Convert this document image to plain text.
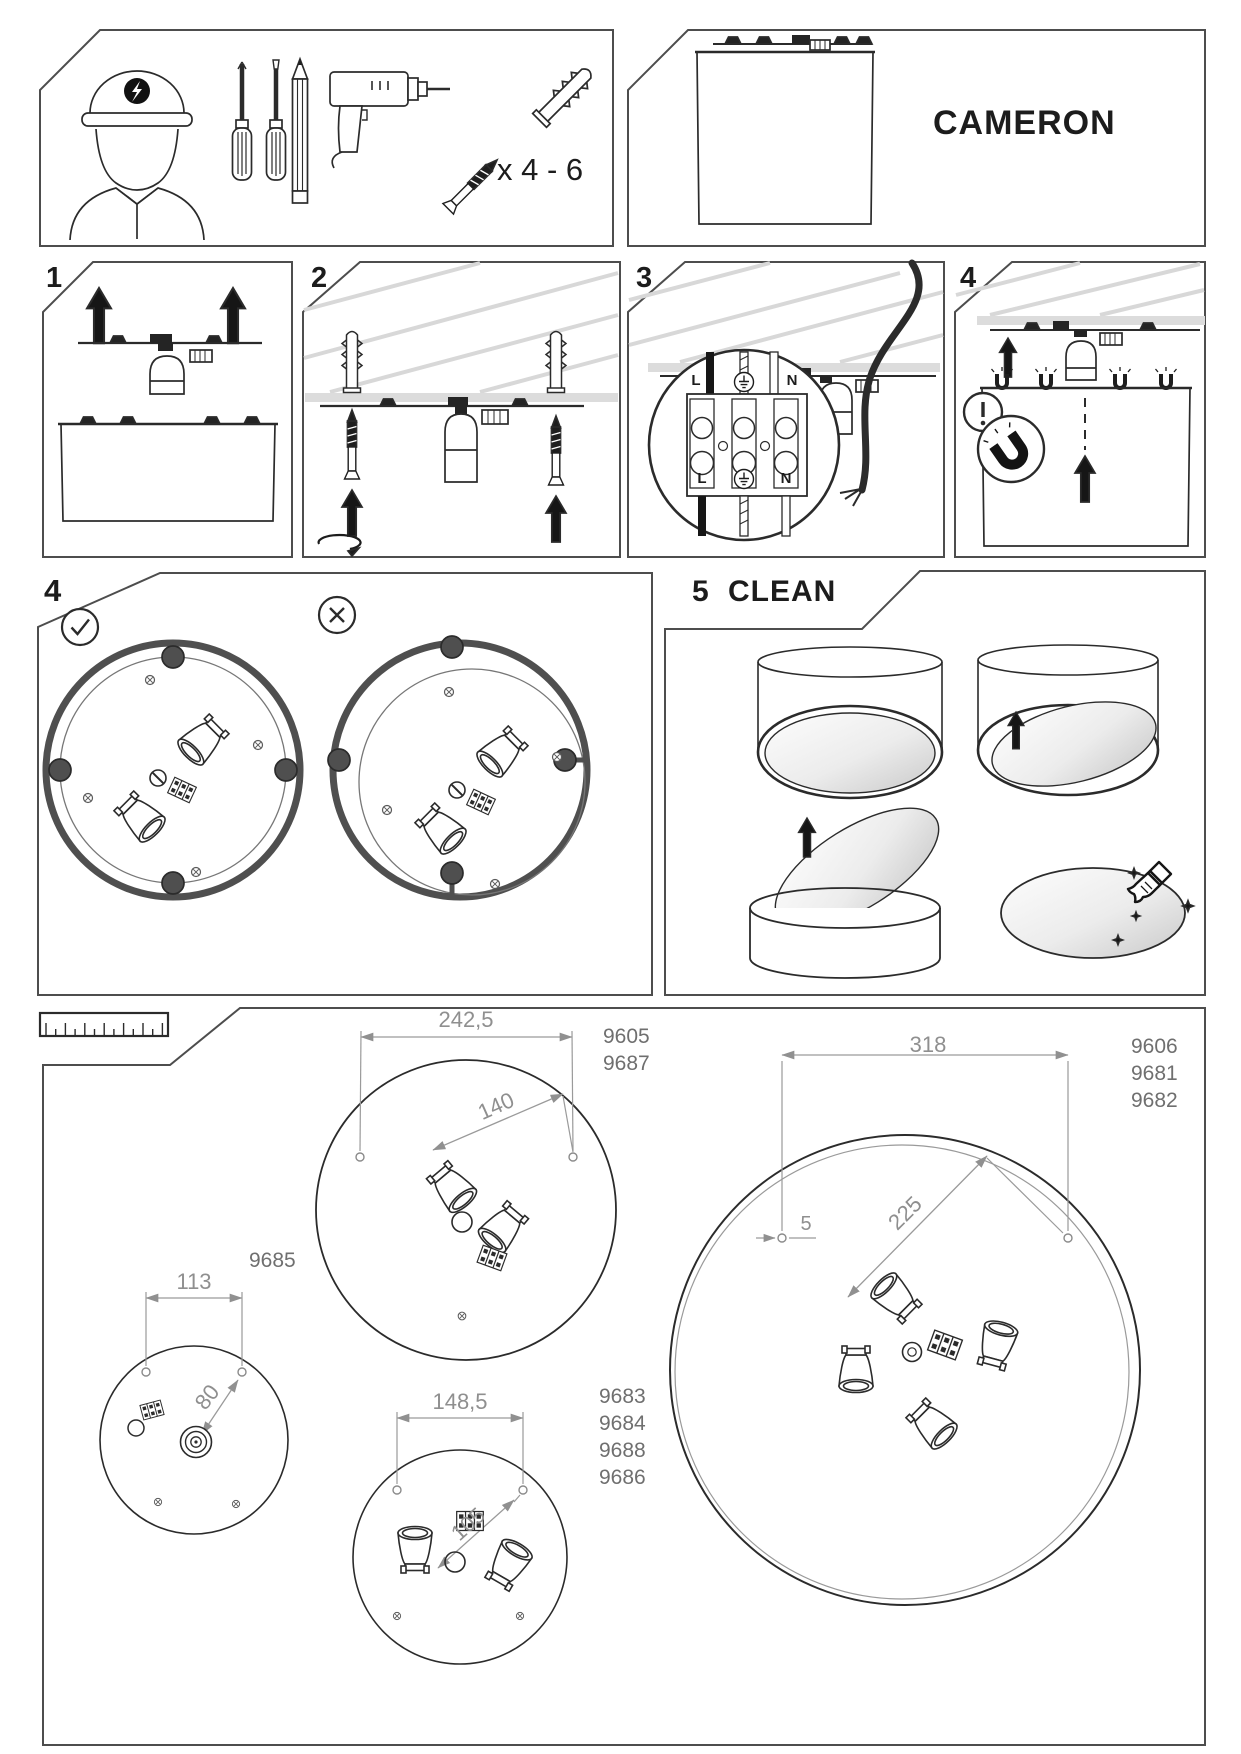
CAMERON
x 4 - 6
1	2	3	4
4	5 CLEAN
L	N
L	N
242,5
140
318
225
5
113
80	148,5
105
9605
9687
9606
9681
9682
9685
9683
9684
9688
9686
